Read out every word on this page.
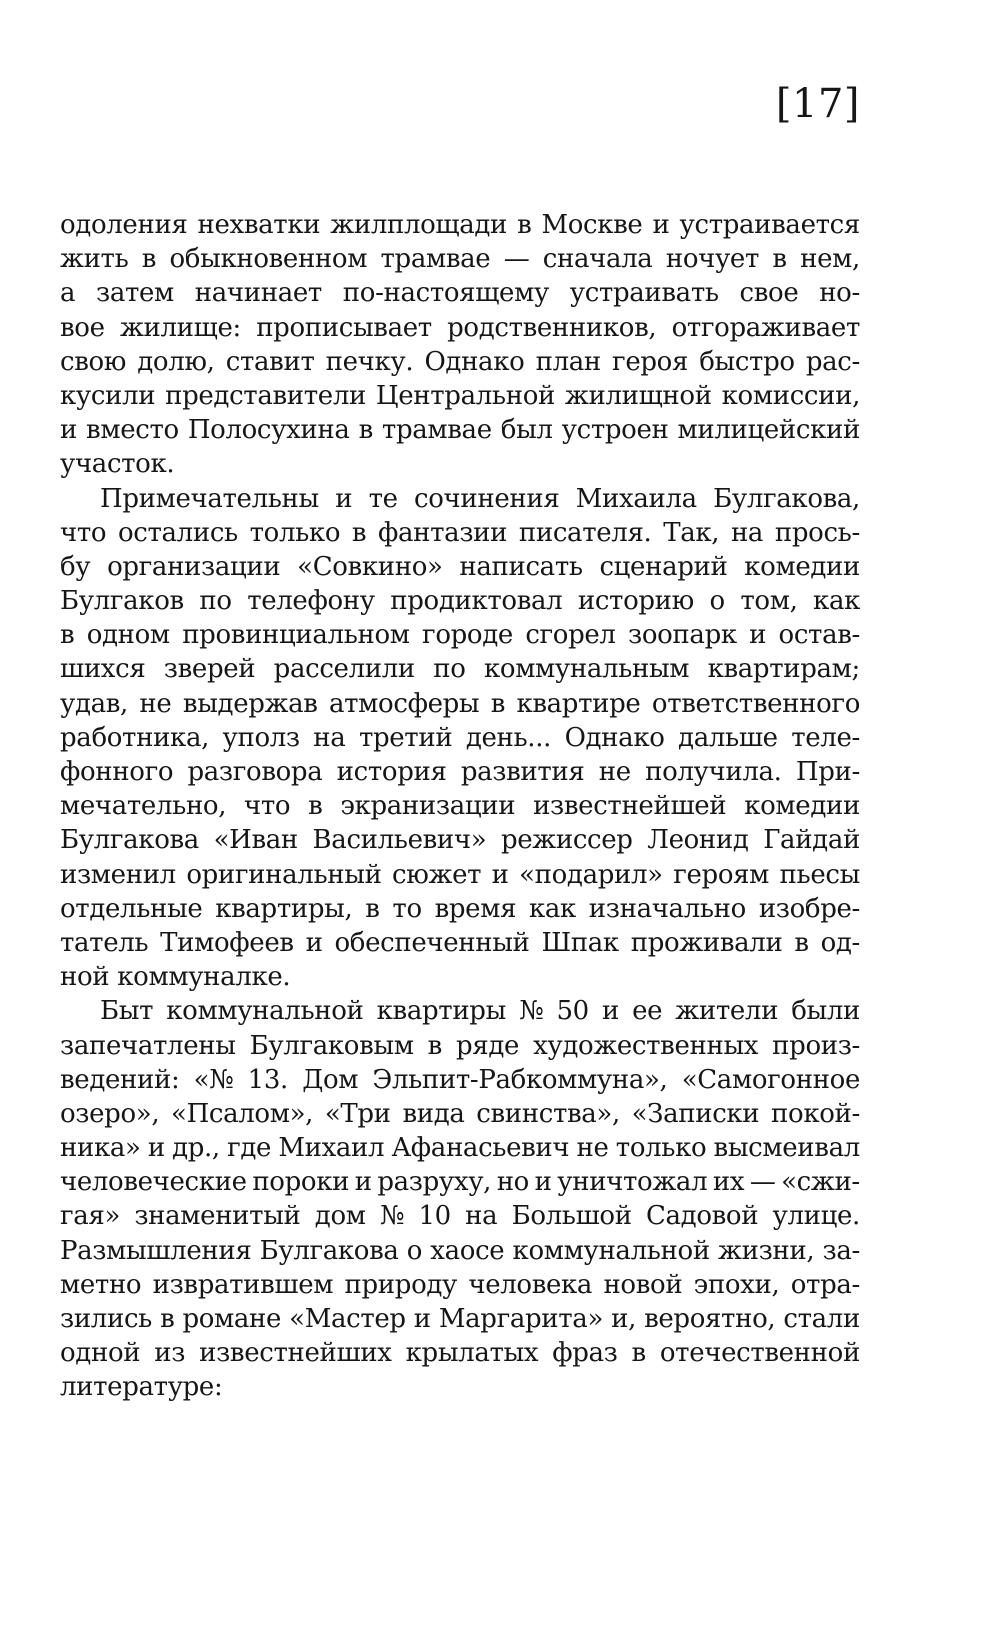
[17]
одоления нехватки жилплощади в Москве и устраивается
жить в обыкновенном трамвае — сначала ночует в нем,
а затем начинает по-настоящему устраивать свое но-
вое жилище: прописывает родственников, отгораживает
свою долю, ставит печку. Однако план героя быстро рас-
кусили представители Центральной жилищной комиссии,
и вместо Полосухина в трамвае был устроен милицейский
участок.
Примечательны и те сочинения Михаила Булгакова,
что остались только в фантазии писателя. Так, на прось-
бу организации «Совкино» написать сценарий комедии
Булгаков по телефону продиктовал историю о том, как
в одном провинциальном городе сгорел зоопарк и остав-
шихся зверей расселили по коммунальным квартирам;
удав, не выдержав атмосферы в квартире ответственного
работника, уполз на третий день... Однако дальше теле-
фонного разговора история развития не получила. При-
мечательно, что в экранизации известнейшей комедии
Булгакова «Иван Васильевич» режиссер Леонид Гайдай
изменил оригинальный сюжет и «подарил» героям пьесы
отдельные квартиры, в то время как изначально изобре-
татель Тимофеев и обеспеченный Шпак проживали в од-
ной коммуналке.
Быт коммунальной квартиры № 50 и ее жители были
запечатлены Булгаковым в ряде художественных произ-
ведений: «№ 13. Дом Эльпит-Рабкоммуна», «Самогонное
озеро», «Псалом», «Три вида свинства», «Записки покой-
ника» и др., где Михаил Афанасьевич не только высмеивал
человеческие пороки и разруху, но и уничтожал их — «сжи-
гая» знаменитый дом № 10 на Большой Садовой улице.
Размышления Булгакова о хаосе коммунальной жизни, за-
метно извратившем природу человека новой эпохи, отра-
зились в романе «Мастер и Маргарита» и, вероятно, стали
одной из известнейших крылатых фраз в отечественной
литературе:
